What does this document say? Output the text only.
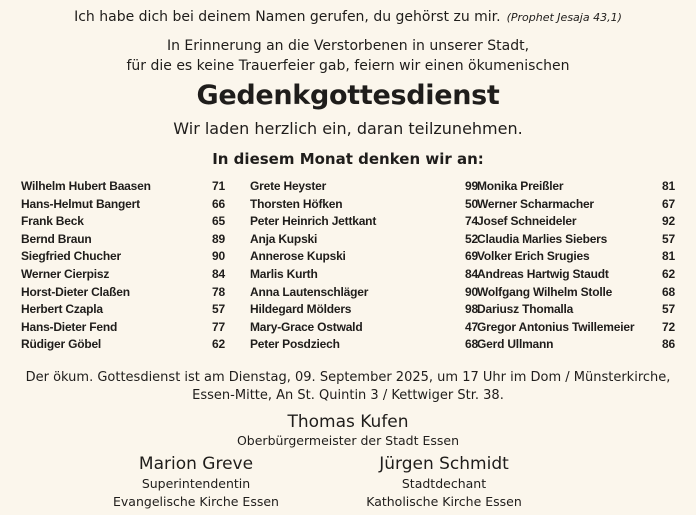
Ich habe dich bei deinem Namen gerufen, du gehörst zu mir. (Prophet Jesaja 43,1)
In Erinnerung an die Verstorbenen in unserer Stadt,
für die es keine Trauerfeier gab, feiern wir einen ökumenischen
Gedenkgottesdienst
Wir laden herzlich ein, daran teilzunehmen.
In diesem Monat denken wir an:
Wilhelm Hubert Baasen	71
Hans-Helmut Bangert	66
Frank Beck	65
Bernd Braun	89
Siegfried Chucher	90
Werner Cierpisz	84
Horst-Dieter Claßen	78
Herbert Czapla	57
Hans-Dieter Fend	77
Rüdiger Göbel	62
Grete Heyster	99
Thorsten Höfken	50
Peter Heinrich Jettkant	74
Anja Kupski	52
Annerose Kupski	69
Marlis Kurth	84
Anna Lautenschläger	90
Hildegard Mölders	98
Mary-Grace Ostwald	47
Peter Posdziech	68
Monika Preißler	81
Werner Scharmacher	67
Josef Schneideler	92
Claudia Marlies Siebers	57
Volker Erich Srugies	81
Andreas Hartwig Staudt	62
Wolfgang Wilhelm Stolle	68
Dariusz Thomalla	57
Gregor Antonius Twillemeier 72
Gerd Ullmann	86
Der ökum. Gottesdienst ist am Dienstag, 09. September 2025, um 17 Uhr im Dom / Münsterkirche,
Essen-Mitte, An St. Quintin 3 / Kettwiger Str. 38.
Thomas Kufen
Oberbürgermeister der Stadt Essen
Marion Greve
Superintendentin
Evangelische Kirche Essen
Jürgen Schmidt
Stadtdechant
Katholische Kirche Essen
